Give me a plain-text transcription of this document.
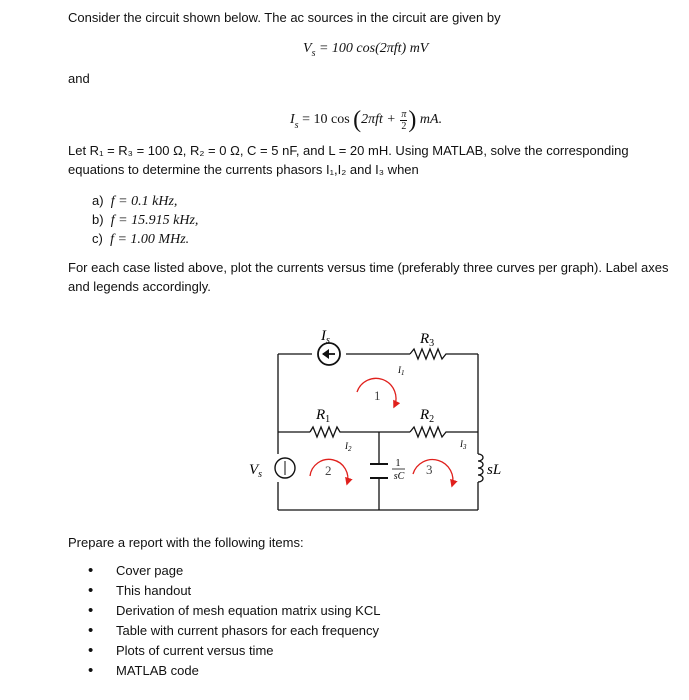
Consider the circuit shown below. The ac sources in the circuit are given by
$V_s = 100$ cos(2πft) mV
and
$I_s = 10$ cos ( $2\pi ft + \frac{\pi}{2}$ ) mA.
Let R₁ = R₃ = 100 Ω, R₂ = 0 Ω, C = 5 nF, and L = 20 mH. Using MATLAB, solve the corresponding
equations to determine the currents phasors I₁,I₂ and I₃ when
a) f = 0.1 kHz,
b) f = 15.915 kHz,
c) f = 1.00 MHz.
For each case listed above, plot the currents versus time (preferably three curves per graph). Label axes
and legends accordingly.
$I_s$	$R_3$
$R_1$	$R_2$
$V_s$	sL
1
sC
$I_1$
$I_2$	$I_3$
1
2	3
Prepare a report with the following items:
• Cover page
• This handout
• Derivation of mesh equation matrix using KCL
• Table with current phasors for each frequency
• Plots of current versus time
• MATLAB code
